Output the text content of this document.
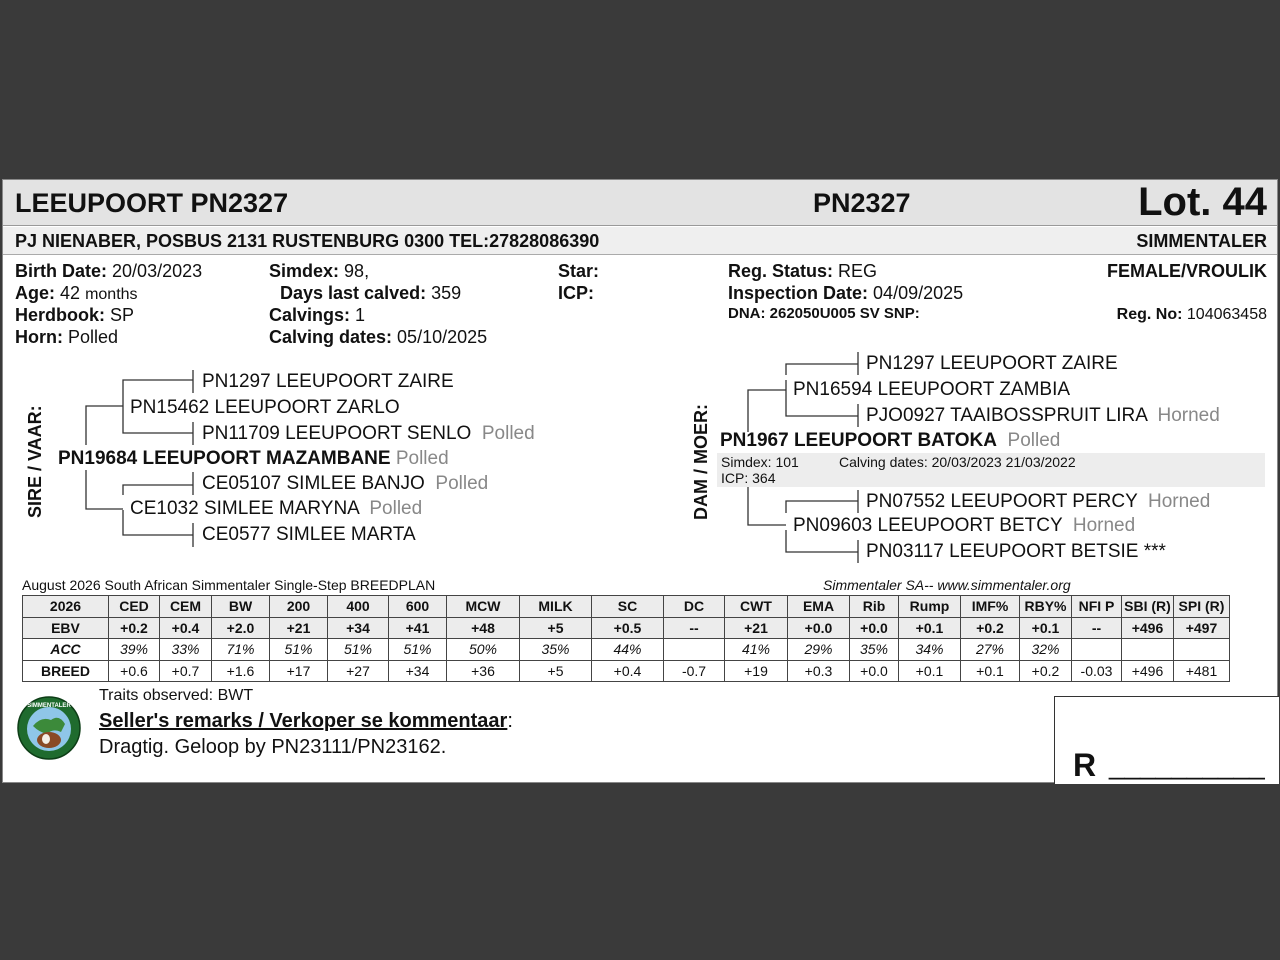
LEEUPOORT PN2327	PN2327	Lot. 44
PJ NIENABER, POSBUS 2131 RUSTENBURG 0300 TEL:27828086390	SIMMENTALER
Birth Date: 20/03/2023
Age: 42 months
Herdbook: SP
Horn: Polled
Simdex: 98,
Days last calved: 359
Calvings: 1
Calving dates: 05/10/2025
Star:
ICP:
Reg. Status: REG
Inspection Date: 04/09/2025
DNA: 262050U005 SV SNP:
FEMALE/VROULIK
Reg. No: 104063458
SIRE / VAAR:
PN1297 LEEUPOORT ZAIRE
PN15462 LEEUPOORT ZARLO
PN11709 LEEUPOORT SENLO Polled
PN19684 LEEUPOORT MAZAMBANE Polled
CE05107 SIMLEE BANJO Polled
CE1032 SIMLEE MARYNA Polled
CE0577 SIMLEE MARTA
DAM / MOER:
PN1297 LEEUPOORT ZAIRE
PN16594 LEEUPOORT ZAMBIA
PJO0927 TAAIBOSSPRUIT LIRA Horned
PN1967 LEEUPOORT BATOKA Polled
Simdex: 101	Calving dates: 20/03/2023 21/03/2022
ICP: 364
PN07552 LEEUPOORT PERCY Horned
PN09603 LEEUPOORT BETCY Horned
PN03117 LEEUPOORT BETSIE ***
August 2026 South African Simmentaler Single-Step BREEDPLAN	Simmentaler SA-- www.simmentaler.org
2026	CED	CEM	BW	200	400	600	MCW	MILK	SC	DC	CWT	EMA	Rib	Rump	IMF%	RBY%	NFI P	SBI (R)	SPI (R)
EBV	+0.2	+0.4	+2.0	+21	+34	+41	+48	+5	+0.5	--	+21	+0.0	+0.0	+0.1	+0.2	+0.1	--	+496	+497
ACC	39%	33%	71%	51%	51%	51%	50%	35%	44%		41%	29%	35%	34%	27%	32%			
BREED	+0.6	+0.7	+1.6	+17	+27	+34	+36	+5	+0.4	-0.7	+19	+0.3	+0.0	+0.1	+0.1	+0.2	-0.03	+496	+481
SIMMENTALER
Traits observed: BWT
Seller's remarks / Verkoper se kommentaar:
Dragtig. Geloop by PN23111/PN23162.	R __________
